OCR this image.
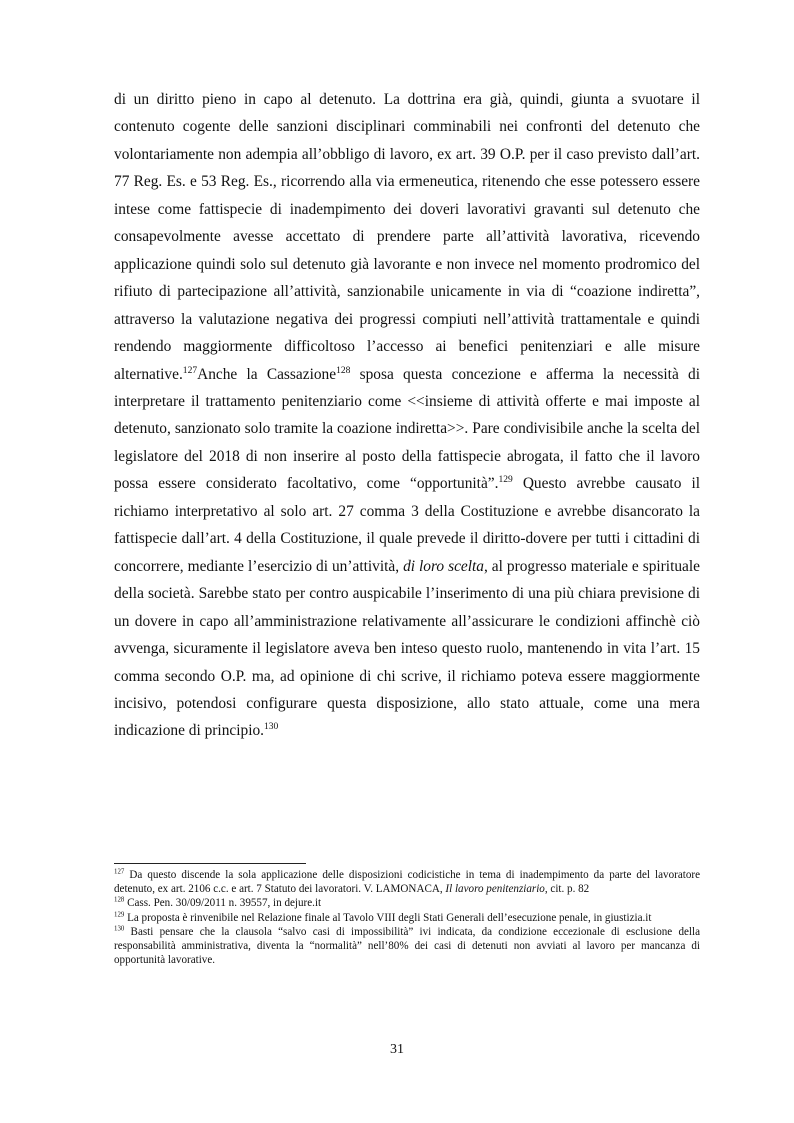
di un diritto pieno in capo al detenuto. La dottrina era già, quindi, giunta a svuotare il contenuto cogente delle sanzioni disciplinari comminabili nei confronti del detenuto che volontariamente non adempia all’obbligo di lavoro, ex art. 39 O.P. per il caso previsto dall’art. 77 Reg. Es. e 53 Reg. Es., ricorrendo alla via ermeneutica, ritenendo che esse potessero essere intese come fattispecie di inadempimento dei doveri lavorativi gravanti sul detenuto che consapevolmente avesse accettato di prendere parte all’attività lavorativa, ricevendo applicazione quindi solo sul detenuto già lavorante e non invece nel momento prodromico del rifiuto di partecipazione all’attività, sanzionabile unicamente in via di “coazione indiretta”, attraverso la valutazione negativa dei progressi compiuti nell’attività trattamentale e quindi rendendo maggiormente difficoltoso l’accesso ai benefici penitenziari e alle misure alternative.$^{127}$Anche la Cassazione$^{128}$ sposa questa concezione e afferma la necessità di interpretare il trattamento penitenziario come <<insieme di attività offerte e mai imposte al detenuto, sanzionato solo tramite la coazione indiretta>>. Pare condivisibile anche la scelta del legislatore del 2018 di non inserire al posto della fattispecie abrogata, il fatto che il lavoro possa essere considerato facoltativo, come “opportunità”.$^{129}$ Questo avrebbe causato il richiamo interpretativo al solo art. 27 comma 3 della Costituzione e avrebbe disancorato la fattispecie dall’art. 4 della Costituzione, il quale prevede il diritto-dovere per tutti i cittadini di concorrere, mediante l’esercizio di un’attività, di loro scelta, al progresso materiale e spirituale della società. Sarebbe stato per contro auspicabile l’inserimento di una più chiara previsione di un dovere in capo all’amministrazione relativamente all’assicurare le condizioni affinchè ciò avvenga, sicuramente il legislatore aveva ben inteso questo ruolo, mantenendo in vita l’art. 15 comma secondo O.P. ma, ad opinione di chi scrive, il richiamo poteva essere maggiormente incisivo, potendosi configurare questa disposizione, allo stato attuale, come una mera indicazione di principio.$^{130}$

$^{127}$ Da questo discende la sola applicazione delle disposizioni codicistiche in tema di inadempimento da parte del lavoratore detenuto, ex art. 2106 c.c. e art. 7 Statuto dei lavoratori. V. LAMONACA, Il lavoro penitenziario, cit. p. 82

$^{128}$ Cass. Pen. 30/09/2011 n. 39557, in dejure.it

$^{129}$ La proposta è rinvenibile nel Relazione finale al Tavolo VIII degli Stati Generali dell’esecuzione penale, in giustizia.it

$^{130}$ Basti pensare che la clausola “salvo casi di impossibilità” ivi indicata, da condizione eccezionale di esclusione della responsabilità amministrativa, diventa la “normalità” nell’80% dei casi di detenuti non avviati al lavoro per mancanza di opportunità lavorative.

31
